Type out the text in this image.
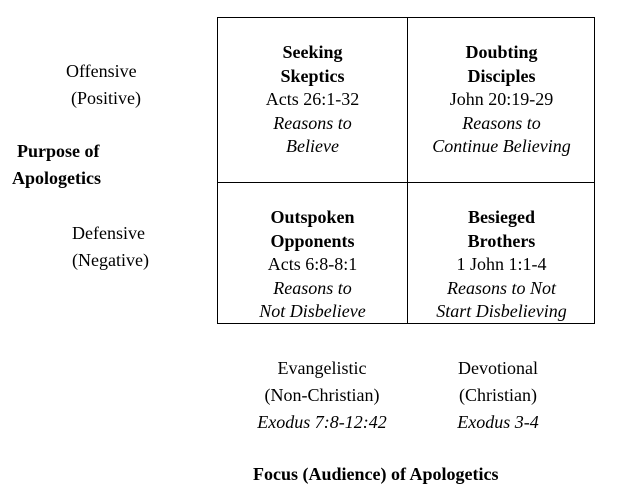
Offensive
(Positive)
Purpose of
Apologetics
Defensive
(Negative)
Seeking
Skeptics
Acts 26:1-32
Reasons to
Believe
Doubting
Disciples
John 20:19-29
Reasons to
Continue Believing
Outspoken
Opponents
Acts 6:8-8:1
Reasons to
Not Disbelieve
Besieged
Brothers
1 John 1:1-4
Reasons to Not
Start Disbelieving
Evangelistic
(Non-Christian)
Exodus 7:8-12:42
Devotional
(Christian)
Exodus 3-4
Focus (Audience) of Apologetics
